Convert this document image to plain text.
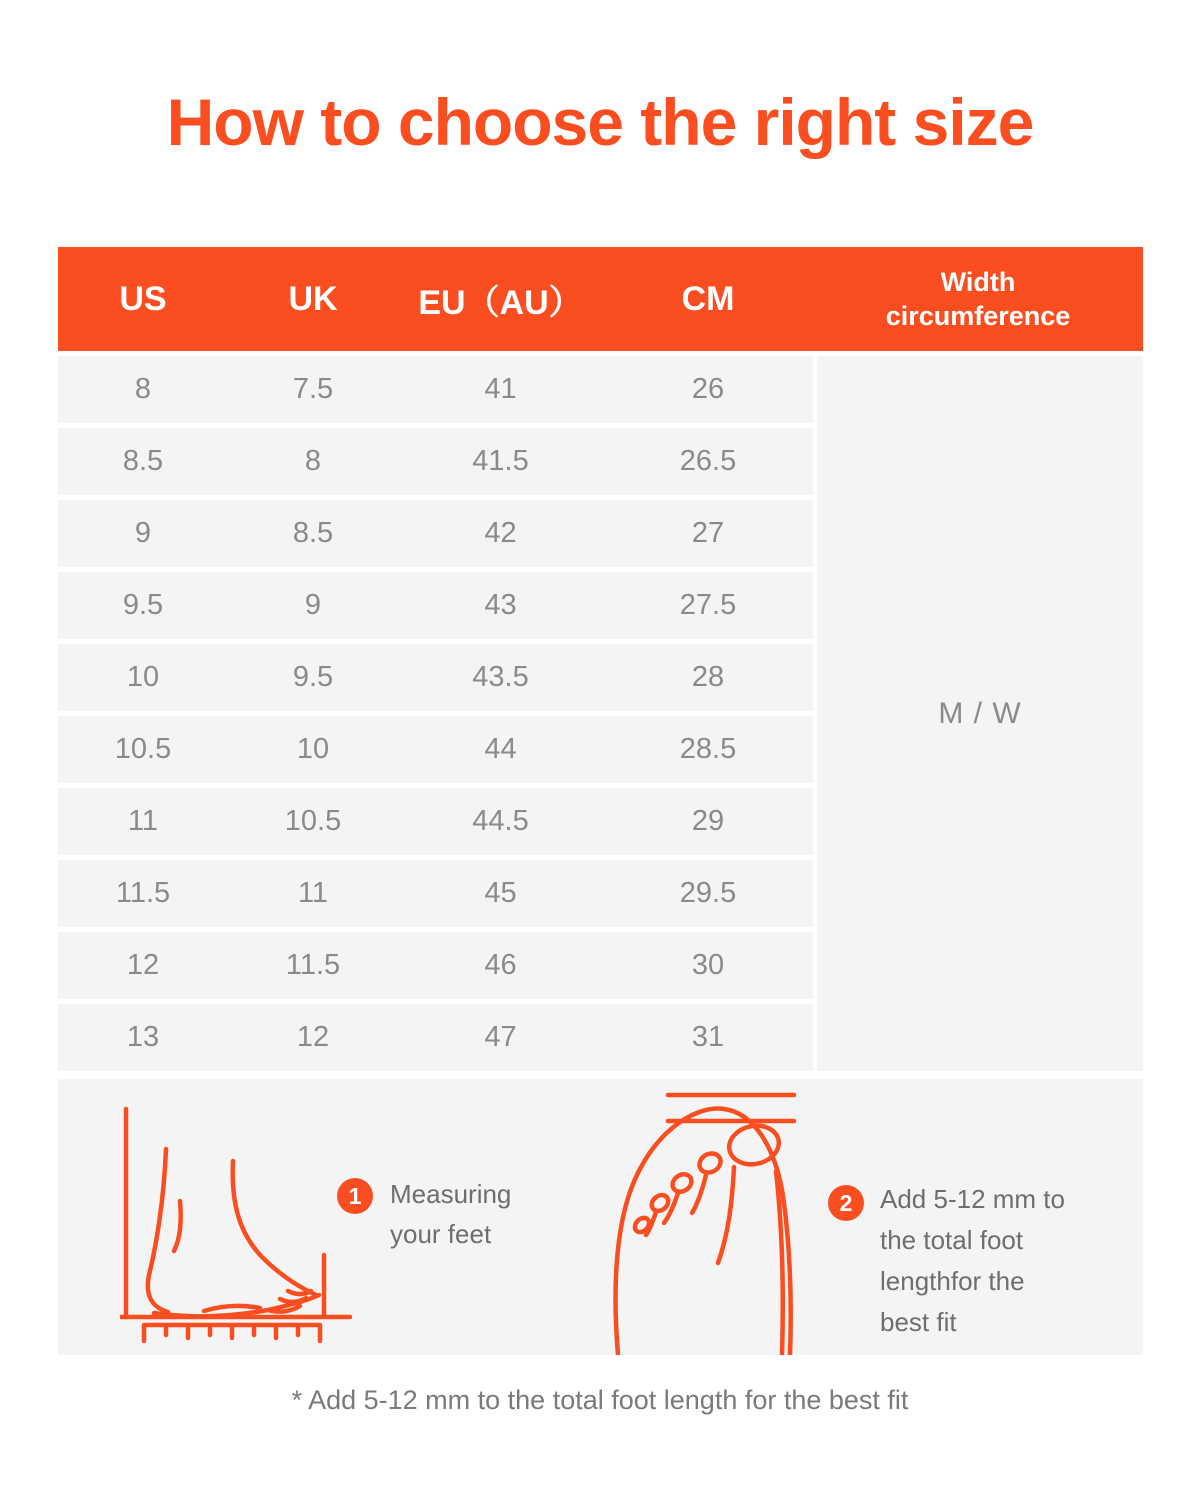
How to choose the right size
US	UK	EU（AU）	CM	Width circumference
8	7.5	41	26
8.5	8	41.5	26.5
9	8.5	42	27
9.5	9	43	27.5
10	9.5	43.5	28
10.5	10	44	28.5
11	10.5	44.5	29
11.5	11	45	29.5
12	11.5	46	30
13	12	47	31
M / W
1	Measuring
your feet
2	Add 5-12 mm to
the total foot
lengthfor the
best fit
* Add 5-12 mm to the total foot length for the best fit
